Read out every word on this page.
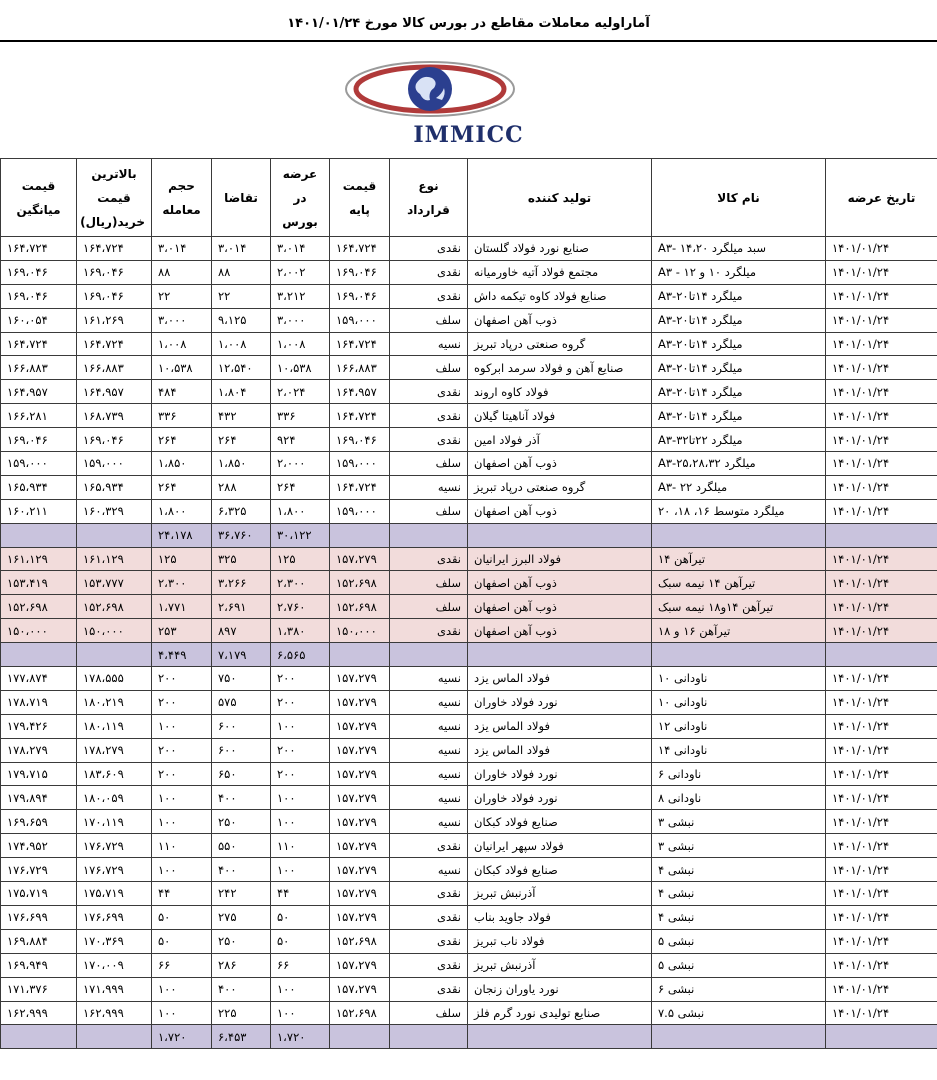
آماراولیه معاملات مقاطع در بورس کالا مورخ ۱۴۰۱/۰۱/۲۴
IMMICC
تاریخ عرضه	نام کالا	تولید کننده	نوع قرارداد	قیمت پایه	عرضه در بورس	تقاضا	حجم معامله	بالاترین قیمت خرید(ریال)	قیمت میانگین
۱۴۰۱/۰۱/۲۴	سبد میلگرد ۱۴،۲۰ -A۳	صنایع نورد فولاد گلستان	نقدی	۱۶۴،۷۲۴	۳،۰۱۴	۳،۰۱۴	۳،۰۱۴	۱۶۴،۷۲۴	۱۶۴،۷۲۴
۱۴۰۱/۰۱/۲۴	میلگرد ۱۰ و ۱۲ - A۳	مجتمع فولاد آتیه خاورمیانه	نقدی	۱۶۹،۰۴۶	۲،۰۰۲	۸۸	۸۸	۱۶۹،۰۴۶	۱۶۹،۰۴۶
۱۴۰۱/۰۱/۲۴	میلگرد ۱۴تا۲۰-A۳	صنایع فولاد کاوه تیکمه داش	نقدی	۱۶۹،۰۴۶	۳،۲۱۲	۲۲	۲۲	۱۶۹،۰۴۶	۱۶۹،۰۴۶
۱۴۰۱/۰۱/۲۴	میلگرد ۱۴تا۲۰-A۳	ذوب آهن اصفهان	سلف	۱۵۹،۰۰۰	۳،۰۰۰	۹،۱۲۵	۳،۰۰۰	۱۶۱،۲۶۹	۱۶۰،۰۵۴
۱۴۰۱/۰۱/۲۴	میلگرد ۱۴تا۲۰-A۳	گروه صنعتی درپاد تبریز	نسیه	۱۶۴،۷۲۴	۱،۰۰۸	۱،۰۰۸	۱،۰۰۸	۱۶۴،۷۲۴	۱۶۴،۷۲۴
۱۴۰۱/۰۱/۲۴	میلگرد ۱۴تا۲۰-A۳	صنایع آهن و فولاد سرمد ابرکوه	سلف	۱۶۶،۸۸۳	۱۰،۵۳۸	۱۲،۵۴۰	۱۰،۵۳۸	۱۶۶،۸۸۳	۱۶۶،۸۸۳
۱۴۰۱/۰۱/۲۴	میلگرد ۱۴تا۲۰-A۳	فولاد کاوه اروند	نقدی	۱۶۴،۹۵۷	۲،۰۲۴	۱،۸۰۴	۴۸۴	۱۶۴،۹۵۷	۱۶۴،۹۵۷
۱۴۰۱/۰۱/۲۴	میلگرد ۱۴تا۲۰-A۳	فولاد آناهیتا گیلان	نقدی	۱۶۴،۷۲۴	۳۳۶	۴۳۲	۳۳۶	۱۶۸،۷۳۹	۱۶۶،۲۸۱
۱۴۰۱/۰۱/۲۴	میلگرد ۲۲تا۳۲-A۳	آذر فولاد امین	نقدی	۱۶۹،۰۴۶	۹۲۴	۲۶۴	۲۶۴	۱۶۹،۰۴۶	۱۶۹،۰۴۶
۱۴۰۱/۰۱/۲۴	میلگرد ۲۵،۲۸،۳۲-A۳	ذوب آهن اصفهان	سلف	۱۵۹،۰۰۰	۲،۰۰۰	۱،۸۵۰	۱،۸۵۰	۱۵۹،۰۰۰	۱۵۹،۰۰۰
۱۴۰۱/۰۱/۲۴	میلگرد ۲۲ -A۳	گروه صنعتی درپاد تبریز	نسیه	۱۶۴،۷۲۴	۲۶۴	۲۸۸	۲۶۴	۱۶۵،۹۳۴	۱۶۵،۹۳۴
۱۴۰۱/۰۱/۲۴	میلگرد متوسط ۱۶، ۱۸، ۲۰	ذوب آهن اصفهان	سلف	۱۵۹،۰۰۰	۱،۸۰۰	۶،۳۲۵	۱،۸۰۰	۱۶۰،۳۲۹	۱۶۰،۲۱۱
					۳۰،۱۲۲	۳۶،۷۶۰	۲۴،۱۷۸		
۱۴۰۱/۰۱/۲۴	تیرآهن ۱۴	فولاد البرز ایرانیان	نقدی	۱۵۷،۲۷۹	۱۲۵	۳۲۵	۱۲۵	۱۶۱،۱۲۹	۱۶۱،۱۲۹
۱۴۰۱/۰۱/۲۴	تیرآهن ۱۴ نیمه سبک	ذوب آهن اصفهان	سلف	۱۵۲،۶۹۸	۲،۳۰۰	۳،۲۶۶	۲،۳۰۰	۱۵۳،۷۷۷	۱۵۳،۴۱۹
۱۴۰۱/۰۱/۲۴	تیرآهن ۱۴و۱۸ نیمه سبک	ذوب آهن اصفهان	سلف	۱۵۲،۶۹۸	۲،۷۶۰	۲،۶۹۱	۱،۷۷۱	۱۵۲،۶۹۸	۱۵۲،۶۹۸
۱۴۰۱/۰۱/۲۴	تیرآهن ۱۶ و ۱۸	ذوب آهن اصفهان	نقدی	۱۵۰،۰۰۰	۱،۳۸۰	۸۹۷	۲۵۳	۱۵۰،۰۰۰	۱۵۰،۰۰۰
					۶،۵۶۵	۷،۱۷۹	۴،۴۴۹		
۱۴۰۱/۰۱/۲۴	ناودانی ۱۰	فولاد الماس یزد	نسیه	۱۵۷،۲۷۹	۲۰۰	۷۵۰	۲۰۰	۱۷۸،۵۵۵	۱۷۷،۸۷۴
۱۴۰۱/۰۱/۲۴	ناودانی ۱۰	نورد فولاد خاوران	نسیه	۱۵۷،۲۷۹	۲۰۰	۵۷۵	۲۰۰	۱۸۰،۲۱۹	۱۷۸،۷۱۹
۱۴۰۱/۰۱/۲۴	ناودانی ۱۲	فولاد الماس یزد	نسیه	۱۵۷،۲۷۹	۱۰۰	۶۰۰	۱۰۰	۱۸۰،۱۱۹	۱۷۹،۴۲۶
۱۴۰۱/۰۱/۲۴	ناودانی ۱۴	فولاد الماس یزد	نسیه	۱۵۷،۲۷۹	۲۰۰	۶۰۰	۲۰۰	۱۷۸،۲۷۹	۱۷۸،۲۷۹
۱۴۰۱/۰۱/۲۴	ناودانی ۶	نورد فولاد خاوران	نسیه	۱۵۷،۲۷۹	۲۰۰	۶۵۰	۲۰۰	۱۸۳،۶۰۹	۱۷۹،۷۱۵
۱۴۰۱/۰۱/۲۴	ناودانی ۸	نورد فولاد خاوران	نسیه	۱۵۷،۲۷۹	۱۰۰	۴۰۰	۱۰۰	۱۸۰،۰۵۹	۱۷۹،۸۹۴
۱۴۰۱/۰۱/۲۴	نبشی ۳	صنایع فولاد کبکان	نسیه	۱۵۷،۲۷۹	۱۰۰	۲۵۰	۱۰۰	۱۷۰،۱۱۹	۱۶۹،۶۵۹
۱۴۰۱/۰۱/۲۴	نبشی ۳	فولاد سپهر ایرانیان	نقدی	۱۵۷،۲۷۹	۱۱۰	۵۵۰	۱۱۰	۱۷۶،۷۲۹	۱۷۴،۹۵۲
۱۴۰۱/۰۱/۲۴	نبشی ۴	صنایع فولاد کبکان	نسیه	۱۵۷،۲۷۹	۱۰۰	۴۰۰	۱۰۰	۱۷۶،۷۲۹	۱۷۶،۷۲۹
۱۴۰۱/۰۱/۲۴	نبشی ۴	آذرنبش تبریز	نقدی	۱۵۷،۲۷۹	۴۴	۲۴۲	۴۴	۱۷۵،۷۱۹	۱۷۵،۷۱۹
۱۴۰۱/۰۱/۲۴	نبشی ۴	فولاد جاوید بناب	نقدی	۱۵۷،۲۷۹	۵۰	۲۷۵	۵۰	۱۷۶،۶۹۹	۱۷۶،۶۹۹
۱۴۰۱/۰۱/۲۴	نبشی ۵	فولاد ناب تبریز	نقدی	۱۵۲،۶۹۸	۵۰	۲۵۰	۵۰	۱۷۰،۳۶۹	۱۶۹،۸۸۴
۱۴۰۱/۰۱/۲۴	نبشی ۵	آذرنبش تبریز	نقدی	۱۵۷،۲۷۹	۶۶	۲۸۶	۶۶	۱۷۰،۰۰۹	۱۶۹،۹۴۹
۱۴۰۱/۰۱/۲۴	نبشی ۶	نورد یاوران زنجان	نقدی	۱۵۷،۲۷۹	۱۰۰	۴۰۰	۱۰۰	۱۷۱،۹۹۹	۱۷۱،۳۷۶
۱۴۰۱/۰۱/۲۴	نبشی ۷.۵	صنایع تولیدی نورد گرم فلز	سلف	۱۵۲،۶۹۸	۱۰۰	۲۲۵	۱۰۰	۱۶۲،۹۹۹	۱۶۲،۹۹۹
					۱،۷۲۰	۶،۴۵۳	۱،۷۲۰		
